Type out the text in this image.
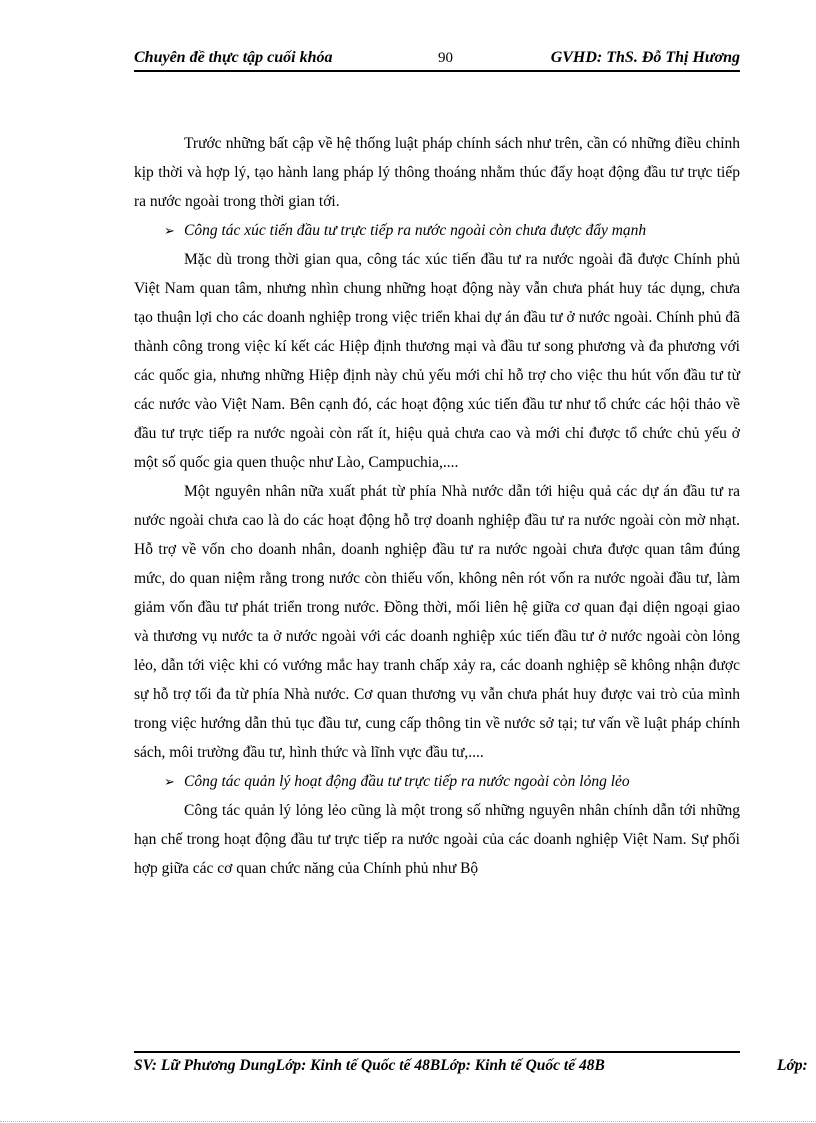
Chuyên đề thực tập cuối khóa	90	GVHD: ThS. Đỗ Thị Hương

Trước những bất cập về hệ thống luật pháp chính sách như trên, cần có những điều chỉnh kịp thời và hợp lý, tạo hành lang pháp lý thông thoáng nhằm thúc đẩy hoạt động đầu tư trực tiếp ra nước ngoài trong thời gian tới.

➢ Công tác xúc tiến đầu tư trực tiếp ra nước ngoài còn chưa được đẩy mạnh

Mặc dù trong thời gian qua, công tác xúc tiến đầu tư ra nước ngoài đã được Chính phủ Việt Nam quan tâm, nhưng nhìn chung những hoạt động này vẫn chưa phát huy tác dụng, chưa tạo thuận lợi cho các doanh nghiệp trong việc triển khai dự án đầu tư ở nước ngoài. Chính phủ đã thành công trong việc kí kết các Hiệp định thương mại và đầu tư song phương và đa phương với các quốc gia, nhưng những Hiệp định này chủ yếu mới chỉ hỗ trợ cho việc thu hút vốn đầu tư từ các nước vào Việt Nam. Bên cạnh đó, các hoạt động xúc tiến đầu tư như tổ chức các hội thảo về đầu tư trực tiếp ra nước ngoài còn rất ít, hiệu quả chưa cao và mới chỉ được tổ chức chủ yếu ở một số quốc gia quen thuộc như Lào, Campuchia,....

Một nguyên nhân nữa xuất phát từ phía Nhà nước dẫn tới hiệu quả các dự án đầu tư ra nước ngoài chưa cao là do các hoạt động hỗ trợ doanh nghiệp đầu tư ra nước ngoài còn mờ nhạt. Hỗ trợ về vốn cho doanh nhân, doanh nghiệp đầu tư ra nước ngoài chưa được quan tâm đúng mức, do quan niệm rằng trong nước còn thiếu vốn, không nên rót vốn ra nước ngoài đầu tư, làm giảm vốn đầu tư phát triển trong nước. Đồng thời, mối liên hệ giữa cơ quan đại diện ngoại giao và thương vụ nước ta ở nước ngoài với các doanh nghiệp xúc tiến đầu tư ở nước ngoài còn lỏng lẻo, dẫn tới việc khi có vướng mắc hay tranh chấp xảy ra, các doanh nghiệp sẽ không nhận được sự hỗ trợ tối đa từ phía Nhà nước. Cơ quan thương vụ vẫn chưa phát huy được vai trò của mình trong việc hướng dẫn thủ tục đầu tư, cung cấp thông tin về nước sở tại; tư vấn về luật pháp chính sách, môi trường đầu tư, hình thức và lĩnh vực đầu tư,....

➢ Công tác quản lý hoạt động đầu tư trực tiếp ra nước ngoài còn lỏng lẻo

Công tác quản lý lỏng lẻo cũng là một trong số những nguyên nhân chính dẫn tới những hạn chế trong hoạt động đầu tư trực tiếp ra nước ngoài của các doanh nghiệp Việt Nam. Sự phối hợp giữa các cơ quan chức năng của Chính phủ như Bộ

SV: Lữ Phương DungLớp: Kinh tế Quốc tế 48BLớp: Kinh tế Quốc tế 48B	Lớp:
